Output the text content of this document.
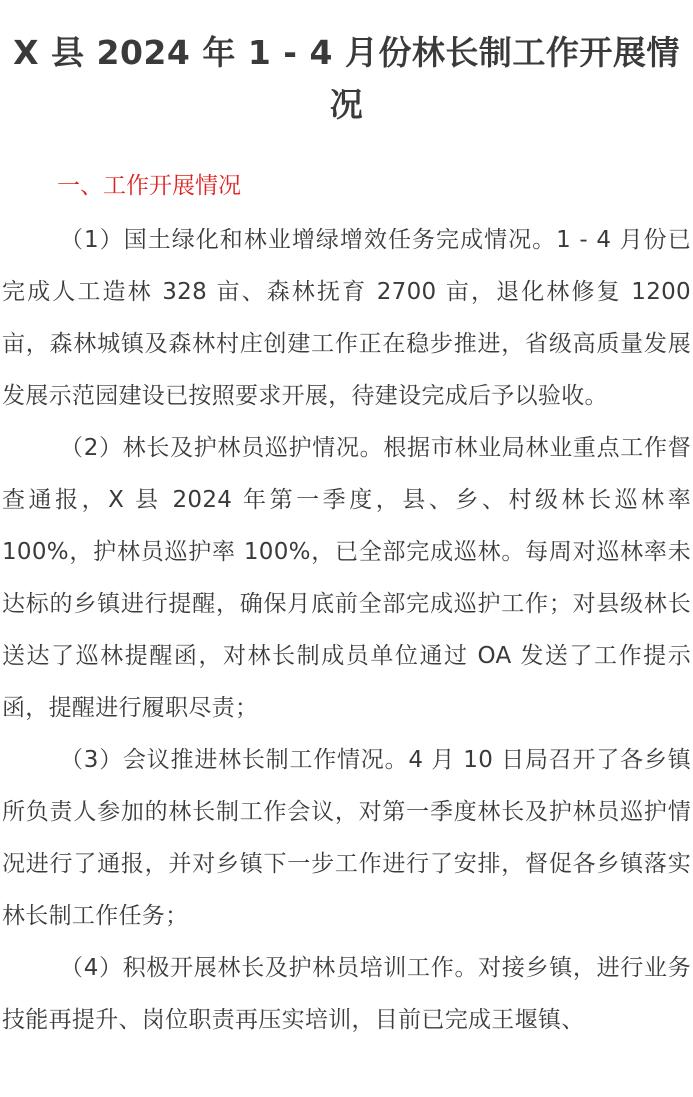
X 县 2024 年 1 - 4 月份林长制工作开展情况
一、工作开展情况

（1）国土绿化和林业增绿增效任务完成情况。1 - 4 月份已完成人工造林 328 亩、森林抚育 2700 亩，退化林修复 1200 亩，森林城镇及森林村庄创建工作正在稳步推进，省级高质量发展发展示范园建设已按照要求开展，待建设完成后予以验收。

（2）林长及护林员巡护情况。根据市林业局林业重点工作督查通报，X 县 2024 年第一季度，县、乡、村级林长巡林率 100%，护林员巡护率 100%，已全部完成巡林。每周对巡林率未达标的乡镇进行提醒，确保月底前全部完成巡护工作；对县级林长送达了巡林提醒函，对林长制成员单位通过 OA 发送了工作提示函，提醒进行履职尽责；

（3）会议推进林长制工作情况。4 月 10 日局召开了各乡镇所负责人参加的林长制工作会议，对第一季度林长及护林员巡护情况进行了通报，并对乡镇下一步工作进行了安排，督促各乡镇落实林长制工作任务；

（4）积极开展林长及护林员培训工作。对接乡镇，进行业务技能再提升、岗位职责再压实培训，目前已完成王堰镇、
